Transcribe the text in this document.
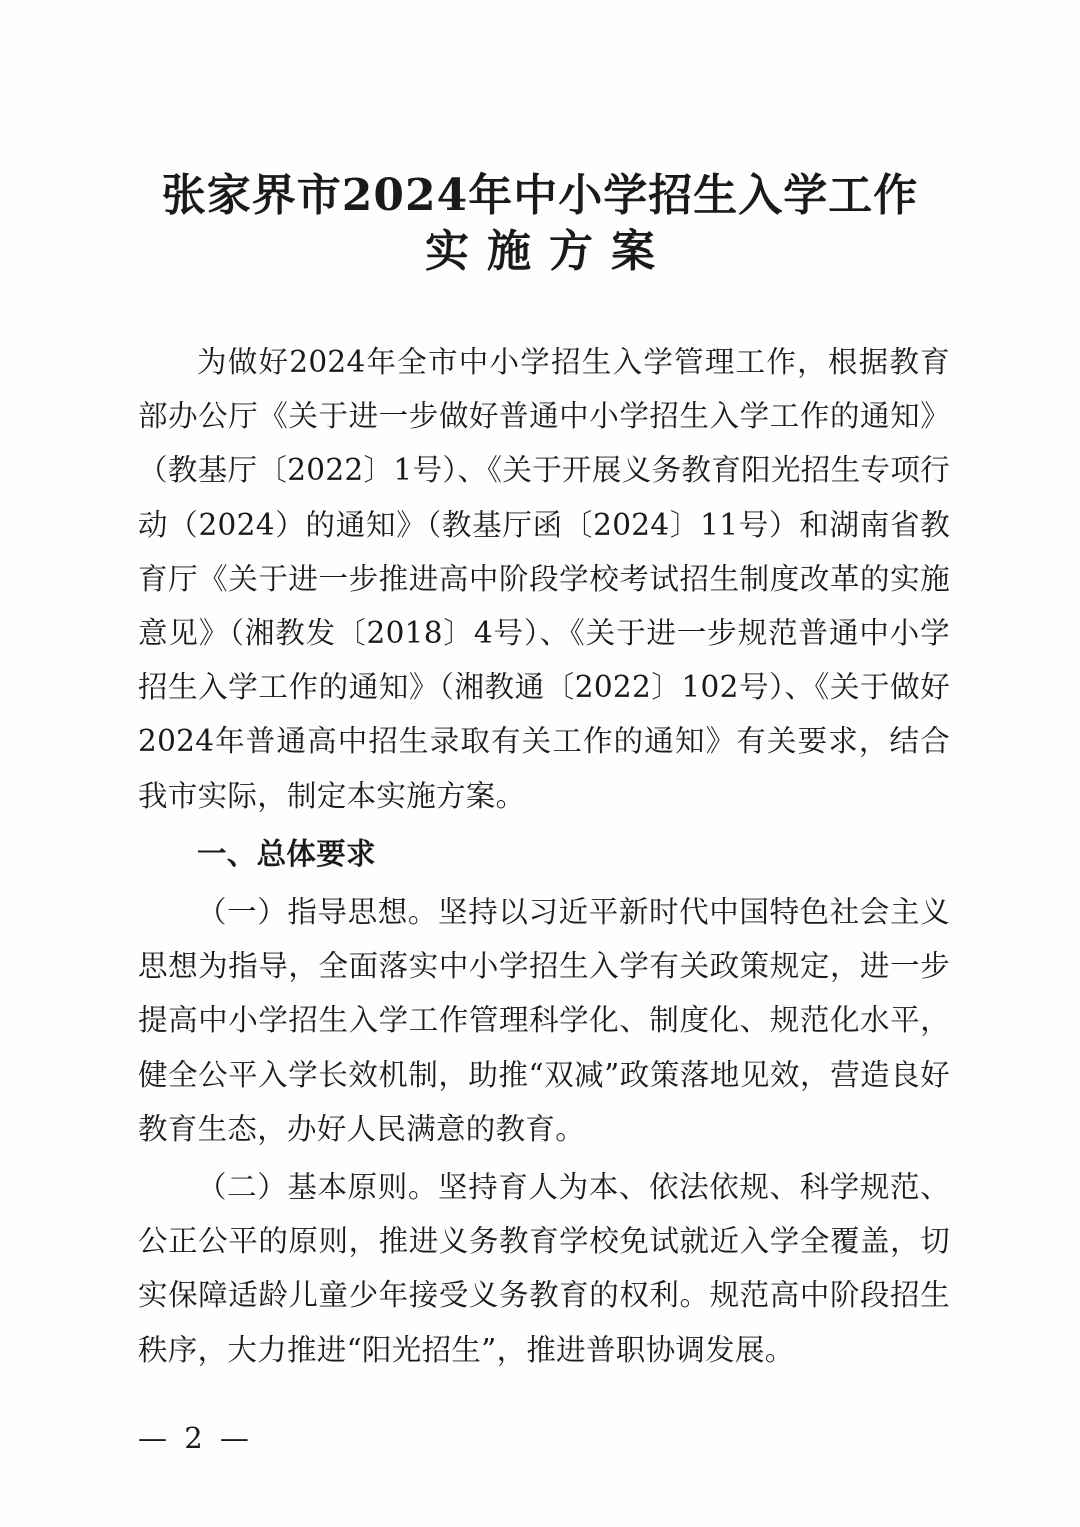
张家界市2024年中小学招生入学工作
实施方案

为做好2024年全市中小学招生入学管理工作，根据教育部办公厅《关于进一步做好普通中小学招生入学工作的通知》（教基厅〔2022〕1号）、《关于开展义务教育阳光招生专项行动（2024）的通知》（教基厅函〔2024〕11号）和湖南省教育厅《关于进一步推进高中阶段学校考试招生制度改革的实施意见》（湘教发〔2018〕4号）、《关于进一步规范普通中小学招生入学工作的通知》（湘教通〔2022〕102号）、《关于做好2024年普通高中招生录取有关工作的通知》有关要求，结合我市实际，制定本实施方案。

一、总体要求

（一）指导思想。坚持以习近平新时代中国特色社会主义思想为指导，全面落实中小学招生入学有关政策规定，进一步提高中小学招生入学工作管理科学化、制度化、规范化水平，健全公平入学长效机制，助推“双减”政策落地见效，营造良好教育生态，办好人民满意的教育。

（二）基本原则。坚持育人为本、依法依规、科学规范、公正公平的原则，推进义务教育学校免试就近入学全覆盖，切实保障适龄儿童少年接受义务教育的权利。规范高中阶段招生秩序，大力推进“阳光招生”，推进普职协调发展。

— 2 —
